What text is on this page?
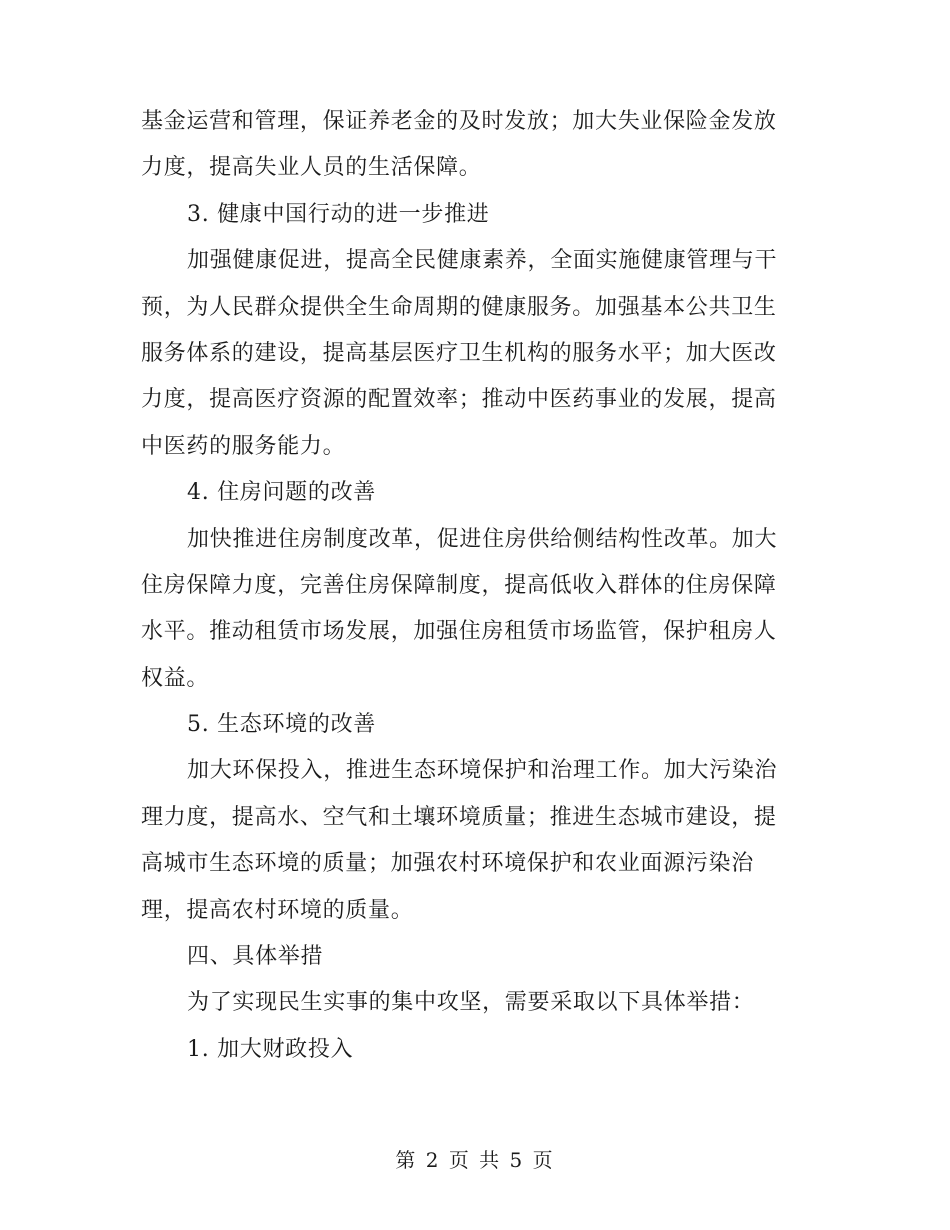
基金运营和管理，保证养老金的及时发放；加大失业保险金发放
力度，提高失业人员的生活保障。
3. 健康中国行动的进一步推进
加强健康促进，提高全民健康素养，全面实施健康管理与干
预，为人民群众提供全生命周期的健康服务。加强基本公共卫生
服务体系的建设，提高基层医疗卫生机构的服务水平；加大医改
力度，提高医疗资源的配置效率；推动中医药事业的发展，提高
中医药的服务能力。
4. 住房问题的改善
加快推进住房制度改革，促进住房供给侧结构性改革。加大
住房保障力度，完善住房保障制度，提高低收入群体的住房保障
水平。推动租赁市场发展，加强住房租赁市场监管，保护租房人
权益。
5. 生态环境的改善
加大环保投入，推进生态环境保护和治理工作。加大污染治
理力度，提高水、空气和土壤环境质量；推进生态城市建设，提
高城市生态环境的质量；加强农村环境保护和农业面源污染治
理，提高农村环境的质量。
四、具体举措
为了实现民生实事的集中攻坚，需要采取以下具体举措：
1. 加大财政投入
第 2 页 共 5 页
